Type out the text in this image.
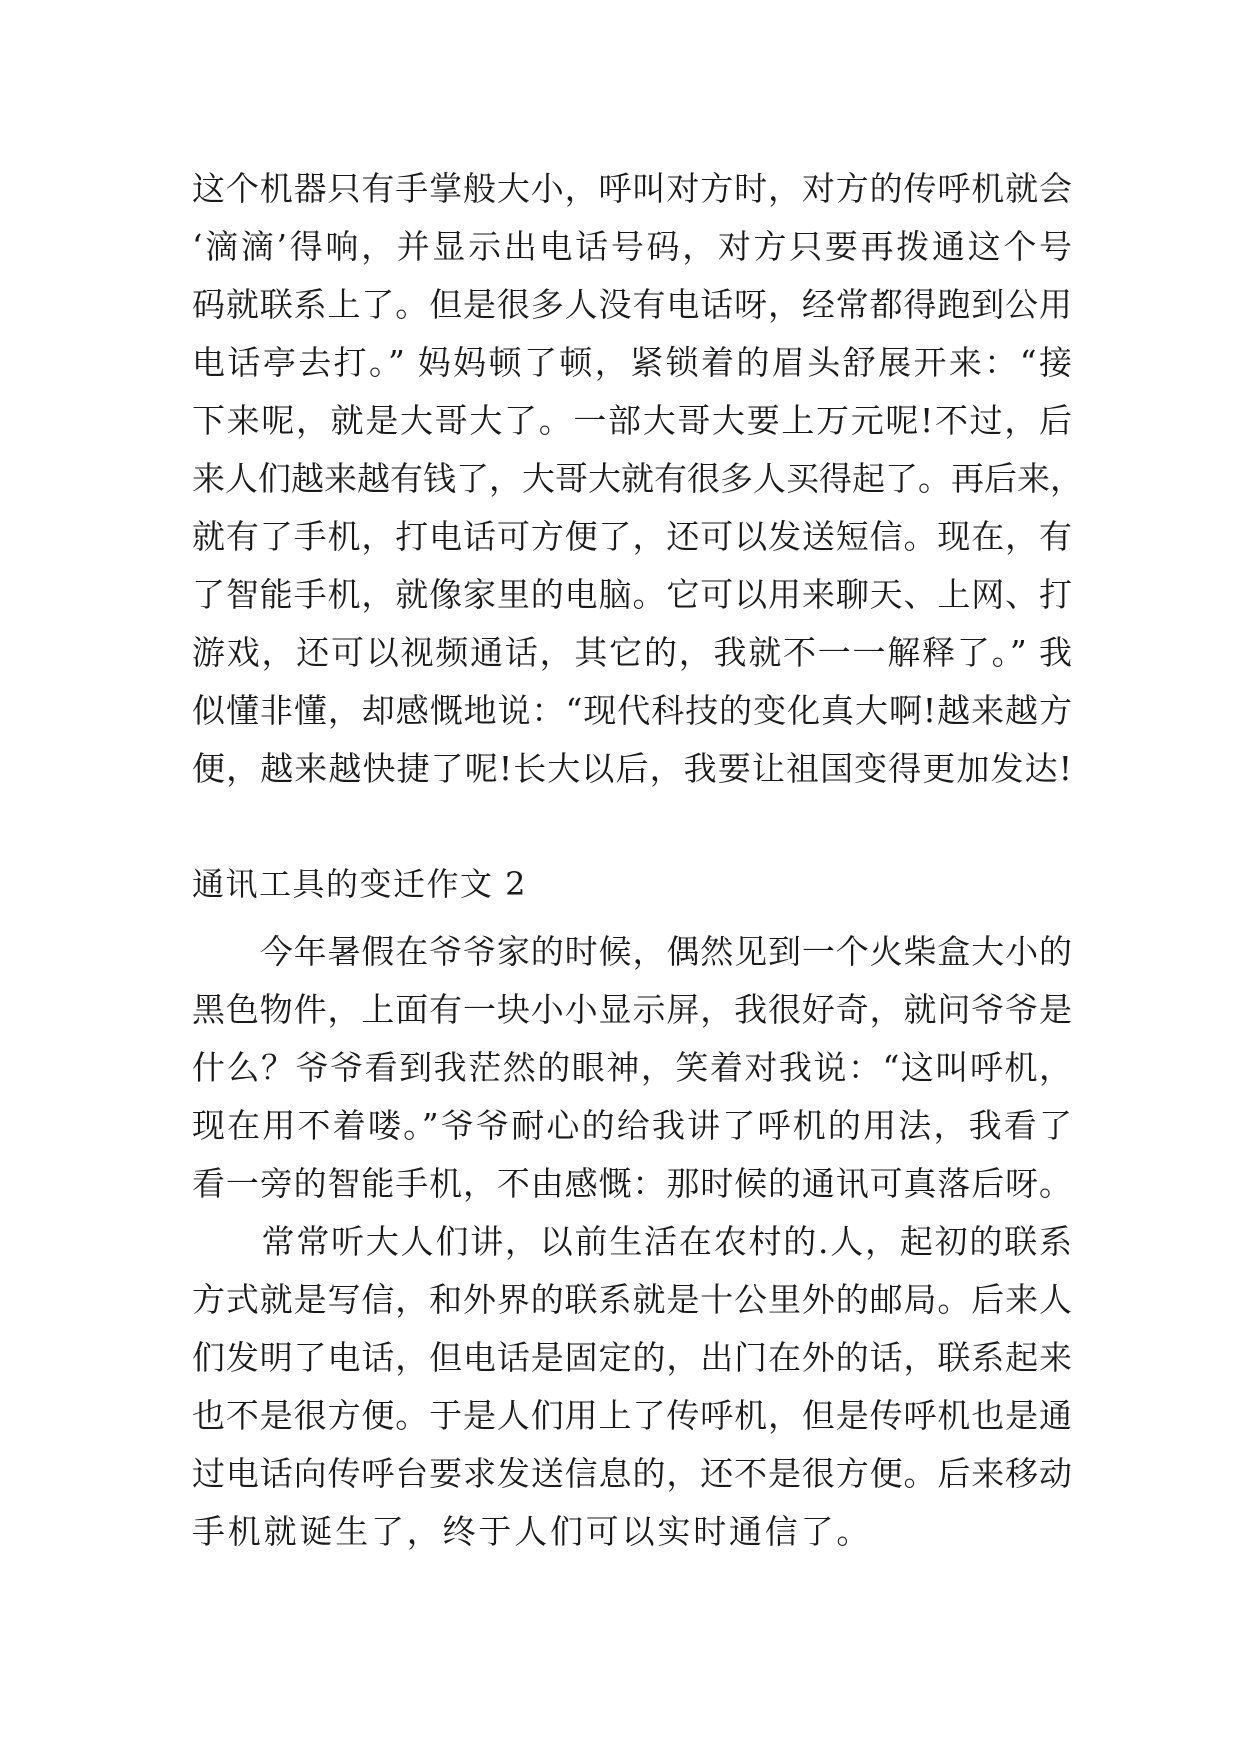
这个机器只有手掌般大小，呼叫对方时，对方的传呼机就会
‘滴滴’得响，并显示出电话号码，对方只要再拨通这个号
码就联系上了。但是很多人没有电话呀，经常都得跑到公用
电话亭去打。” 妈妈顿了顿，紧锁着的眉头舒展开来：“接
下来呢，就是大哥大了。一部大哥大要上万元呢!不过，后
来人们越来越有钱了，大哥大就有很多人买得起了。再后来，
就有了手机，打电话可方便了，还可以发送短信。现在，有
了智能手机，就像家里的电脑。它可以用来聊天、上网、打
游戏，还可以视频通话，其它的，我就不一一解释了。” 我
似懂非懂，却感慨地说：“现代科技的变化真大啊!越来越方
便，越来越快捷了呢!长大以后，我要让祖国变得更加发达!
通讯工具的变迁作文 2
　　今年暑假在爷爷家的时候，偶然见到一个火柴盒大小的
黑色物件，上面有一块小小显示屏，我很好奇，就问爷爷是
什么？爷爷看到我茫然的眼神，笑着对我说：“这叫呼机，
现在用不着喽。”爷爷耐心的给我讲了呼机的用法，我看了
看一旁的智能手机，不由感慨：那时候的通讯可真落后呀。
　　常常听大人们讲，以前生活在农村的.人，起初的联系
方式就是写信，和外界的联系就是十公里外的邮局。后来人
们发明了电话，但电话是固定的，出门在外的话，联系起来
也不是很方便。于是人们用上了传呼机，但是传呼机也是通
过电话向传呼台要求发送信息的，还不是很方便。后来移动
手机就诞生了，终于人们可以实时通信了。
